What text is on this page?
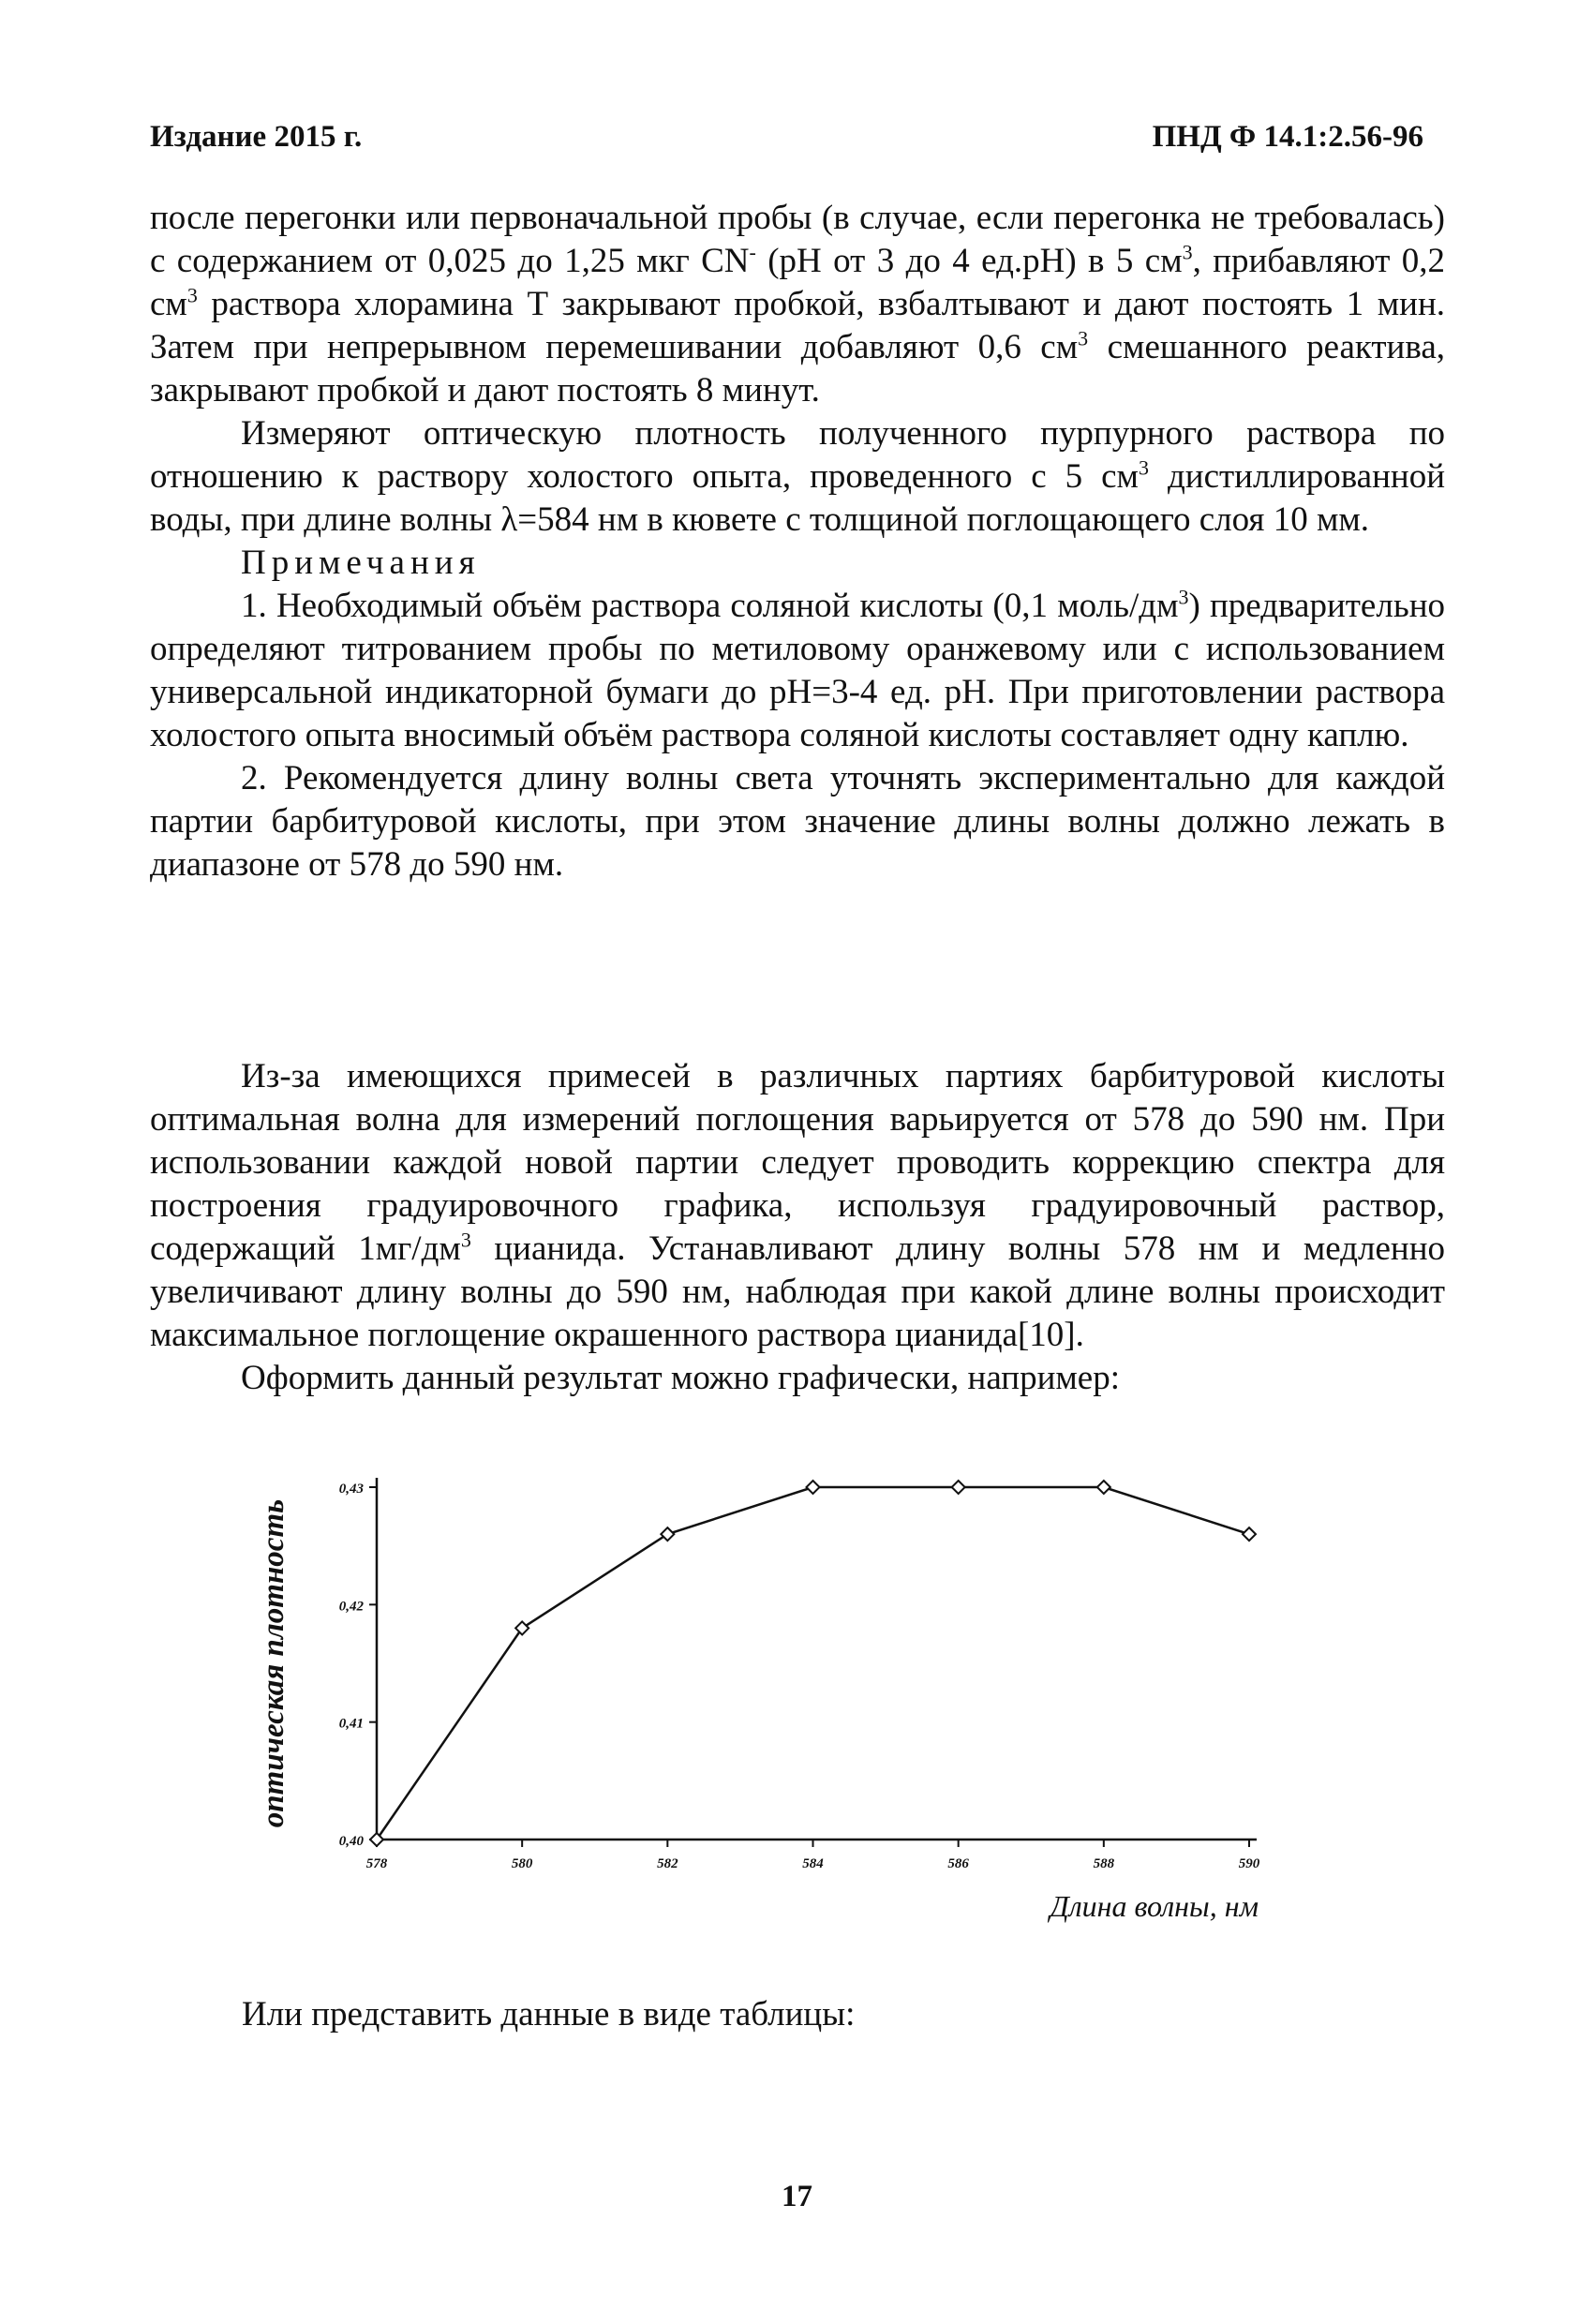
Издание 2015 г.	ПНД Ф 14.1:2.56-96

после перегонки или первоначальной пробы (в случае, если перегонка не требовалась) с содержанием от 0,025 до 1,25 мкг CN- (рН от 3 до 4 ед.рН) в 5 $см^3$, прибавляют 0,2 $см^3$ раствора хлорамина Т закрывают пробкой, взбалтывают и дают постоять 1 мин. Затем при непрерывном перемешивании добавляют 0,6 $см^3$ смешанного реактива, закрывают пробкой и дают постоять 8 минут.

Измеряют оптическую плотность полученного пурпурного раствора по отношению к раствору холостого опыта, проведенного с 5 $см^3$ дистиллированной воды, при длине волны λ=584 нм в кювете с толщиной поглощающего слоя 10 мм.

Примечания

1. Необходимый объём раствора соляной кислоты (0,1 моль/$дм^3$) предварительно определяют титрованием пробы по метиловому оранжевому или с использованием универсальной индикаторной бумаги до рН=3-4 ед. рН. При приготовлении раствора холостого опыта вносимый объём раствора соляной кислоты составляет одну каплю.

2. Рекомендуется длину волны света уточнять экспериментально для каждой партии барбитуровой кислоты, при этом значение длины волны должно лежать в диапазоне от 578 до 590 нм.

Из-за имеющихся примесей в различных партиях барбитуровой кислоты оптимальная волна для измерений поглощения варьируется от 578 до 590 нм. При использовании каждой новой партии следует проводить коррекцию спектра для построения градуировочного графика, используя градуировочный раствор, содержащий $1мг/дм^3$ цианида. Устанавливают длину волны 578 нм и медленно увеличивают длину волны до 590 нм, наблюдая при какой длине волны происходит максимальное поглощение окрашенного раствора цианида[10].

Оформить данный результат можно графически, например:

0,40
0,41
0,42
0,43
578	580	582	584	586	588	590
оптическая плотность
Длина волны, нм
Или представить данные в виде таблицы:
17
